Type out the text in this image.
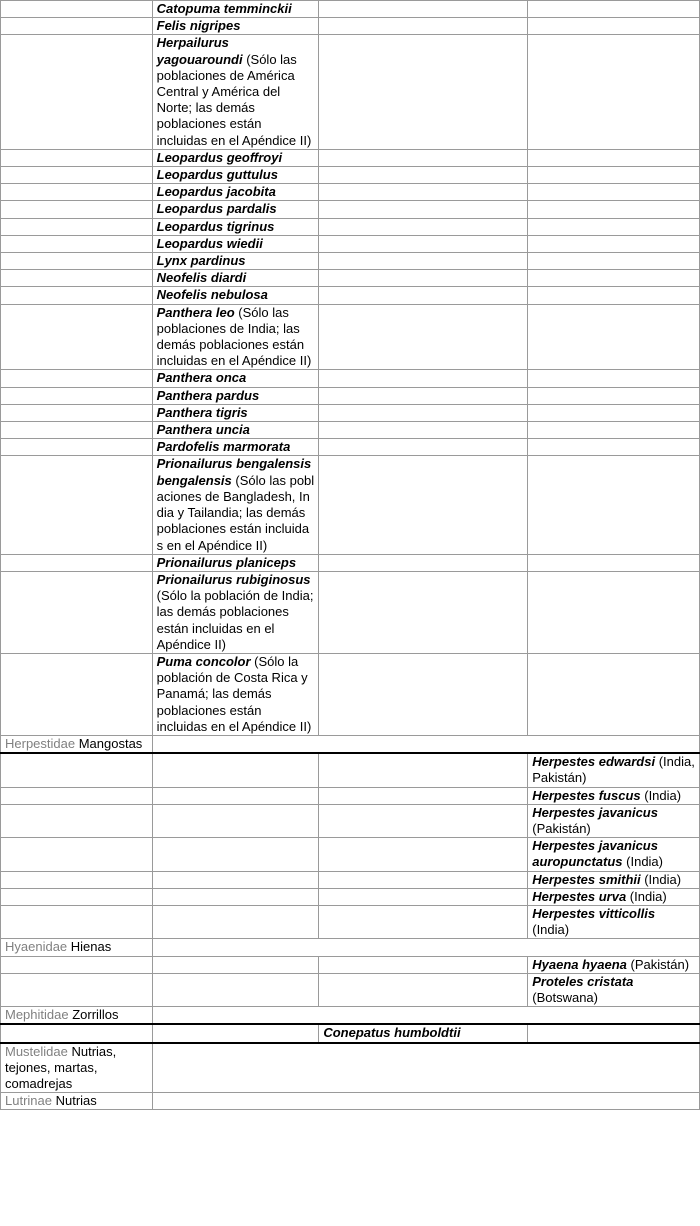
	Catopuma temminckii		
	Felis nigripes		
	Herpailurus yagouaroundi (Sólo las poblaciones de América Central y América del Norte; las demás poblaciones están incluidas en el Apéndice II)		
	Leopardus geoffroyi		
	Leopardus guttulus		
	Leopardus jacobita		
	Leopardus pardalis		
	Leopardus tigrinus		
	Leopardus wiedii		
	Lynx pardinus		
	Neofelis diardi		
	Neofelis nebulosa		
	Panthera leo (Sólo las poblaciones de India; las demás poblaciones están incluidas en el Apéndice II)		
	Panthera onca		
	Panthera pardus		
	Panthera tigris		
	Panthera uncia		
	Pardofelis marmorata		
	Prionailurus bengalensis bengalensis (Sólo las poblaciones de Bangladesh, India y Tailandia; las demás poblaciones están incluidas en el Apéndice II)		
	Prionailurus planiceps		
	Prionailurus rubiginosus (Sólo la población de India; las demás poblaciones están incluidas en el Apéndice II)		
	Puma concolor (Sólo la población de Costa Rica y Panamá; las demás poblaciones están incluidas en el Apéndice II)		
Herpestidae Mangostas			
			Herpestes edwardsi (India, Pakistán)
			Herpestes fuscus (India)
			Herpestes javanicus (Pakistán)
			Herpestes javanicus auropunctatus (India)
			Herpestes smithii (India)
			Herpestes urva (India)
			Herpestes vitticollis (India)
Hyaenidae Hienas			
			Hyaena hyaena (Pakistán)
			Proteles cristata (Botswana)
Mephitidae Zorrillos			
		Conepatus humboldtii	
Mustelidae Nutrias, tejones, martas, comadrejas			
Lutrinae Nutrias			
